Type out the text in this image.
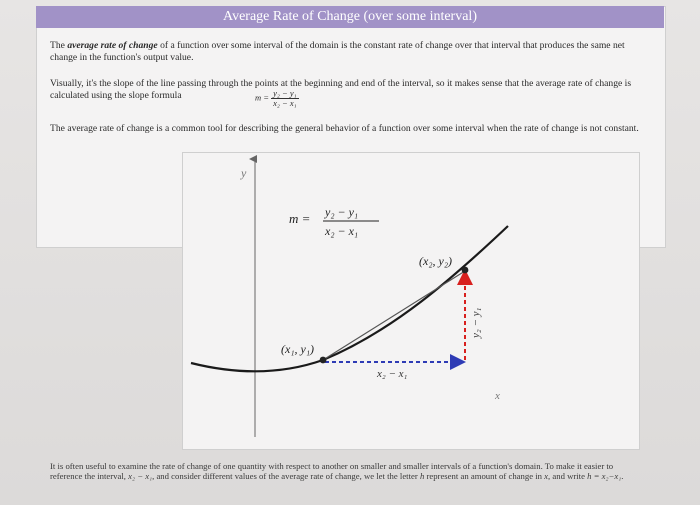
Average Rate of Change (over some interval)
The average rate of change of a function over some interval of the domain is the constant rate of change over that interval that produces the same net change in the function's output value.
Visually, it's the slope of the line passing through the points at the beginning and end of the interval, so it makes sense that the average rate of change is calculated using the slope formula	$m = \frac{\text{y₂ − y₁}}{\text{x₂ − x₁}}$
The average rate of change is a common tool for describing the general behavior of a function over some interval when the rate of change is not constant.
y
x
(x₁, y₁)
(x₂, y₂)
x₂ − x₁
y₂ − y₁
m = y₂ − y₁
x₂ − x₁
It is often useful to examine the rate of change of one quantity with respect to another on smaller and smaller intervals of a function's domain. To make it easier to reference the interval, x₂ − x₁, and consider different values of the average rate of change, we let the letter h represent an amount of change in x, and write h = x₂−x₁.
